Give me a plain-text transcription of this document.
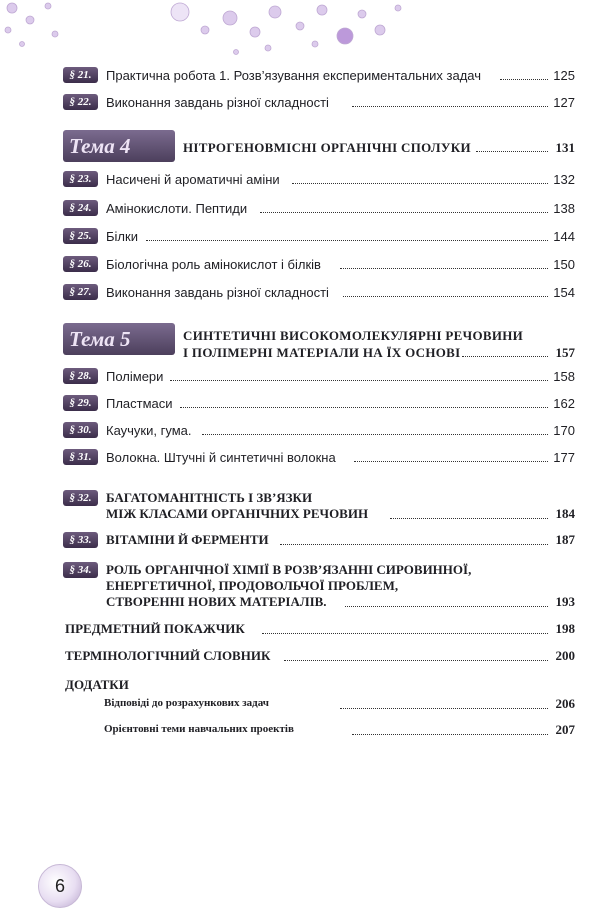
§ 21.	Практична робота 1. Розв’язування експериментальних задач	125
§ 22.	Виконання завдань різної складності	127
Тема 4	НІТРОГЕНОВМІСНІ ОРГАНІЧНІ СПОЛУКИ	131
§ 23.	Насичені й ароматичні аміни	132
§ 24.	Амінокислоти. Пептиди	138
§ 25.	Білки	144
§ 26.	Біологічна роль амінокислот і білків	150
§ 27.	Виконання завдань різної складності	154
Тема 5	СИНТЕТИЧНІ ВИСОКОМОЛЕКУЛЯРНІ РЕЧОВИНИ
І ПОЛІМЕРНІ МАТЕРІАЛИ НА ЇХ ОСНОВІ	157
§ 28.	Полімери	158
§ 29.	Пластмаси	162
§ 30.	Каучуки, гума.	170
§ 31.	Волокна. Штучні й синтетичні волокна	177
§ 32.	БАГАТОМАНІТНІСТЬ І ЗВ’ЯЗКИ
МІЖ КЛАСАМИ ОРГАНІЧНИХ РЕЧОВИН	184
§ 33.	ВІТАМІНИ Й ФЕРМЕНТИ	187
§ 34.	РОЛЬ ОРГАНІЧНОЇ ХІМІЇ В РОЗВ’ЯЗАННІ СИРОВИННОЇ,
ЕНЕРГЕТИЧНОЇ, ПРОДОВОЛЬЧОЇ ПРОБЛЕМ,
СТВОРЕННІ НОВИХ МАТЕРІАЛІВ.	193
ПРЕДМЕТНИЙ ПОКАЖЧИК	198
ТЕРМІНОЛОГІЧНИЙ СЛОВНИК	200
ДОДАТКИ
Відповіді до розрахункових задач	206
Орієнтовні теми навчальних проектів	207
6
